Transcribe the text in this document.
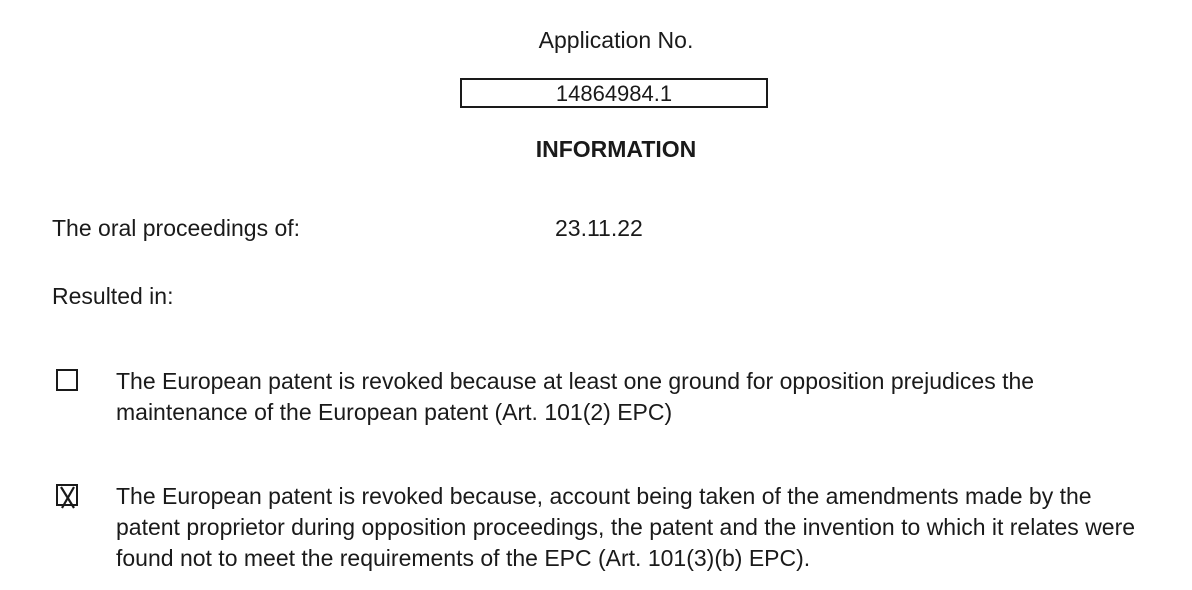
Application No.
14864984.1
INFORMATION
The oral proceedings of:	23.11.22
Resulted in:
The European patent is revoked because at least one ground for opposition prejudices the maintenance of the European patent (Art. 101(2) EPC)
The European patent is revoked because, account being taken of the amendments made by the patent proprietor during opposition proceedings, the patent and the invention to which it relates were found not to meet the requirements of the EPC (Art. 101(3)(b) EPC).
